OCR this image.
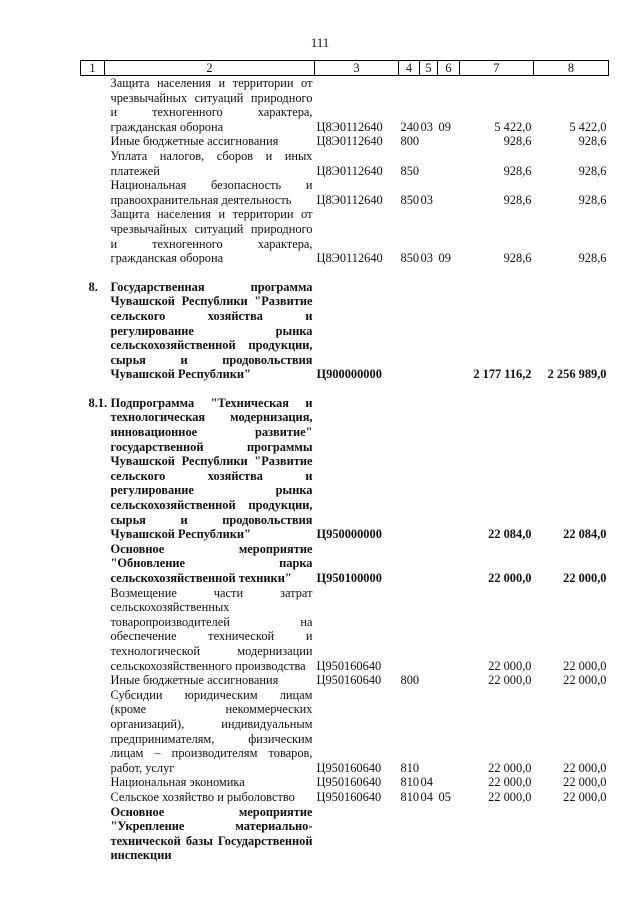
111
1	2	3	4	5	6	7	8
	Защита населения и территории от чрезвычайных ситуаций природного и техногенного характера, гражданская оборона	Ц8Э0112640	240	03	09	5 422,0	5 422,0
	Иные бюджетные ассигнования	Ц8Э0112640	800			928,6	928,6
	Уплата налогов, сборов и иных платежей	Ц8Э0112640	850			928,6	928,6
	Национальная безопасность и правоохранительная деятельность	Ц8Э0112640	850	03		928,6	928,6
	Защита населения и территории от чрезвычайных ситуаций природного и техногенного характера, гражданская оборона	Ц8Э0112640	850	03	09	928,6	928,6

8.	Государственная программа Чувашской Республики "Развитие сельского хозяйства и регулирование рынка сельскохозяйственной продукции, сырья и продовольствия Чувашской Республики"	Ц900000000				2 177 116,2	2 256 989,0

8.1.	Подпрограмма "Техническая и технологическая модернизация, инновационное развитие" государственной программы Чувашской Республики "Развитие сельского хозяйства и регулирование рынка сельскохозяйственной продукции, сырья и продовольствия Чувашской Республики"	Ц950000000				22 084,0	22 084,0
	Основное мероприятие "Обновление парка сельскохозяйственной техники"	Ц950100000				22 000,0	22 000,0
	Возмещение части затрат сельскохозяйственных товаропроизводителей на обеспечение технической и технологической модернизации сельскохозяйственного производства	Ц950160640				22 000,0	22 000,0
	Иные бюджетные ассигнования	Ц950160640	800			22 000,0	22 000,0
	Субсидии юридическим лицам (кроме некоммерческих организаций), индивидуальным предпринимателям, физическим лицам – производителям товаров, работ, услуг	Ц950160640	810			22 000,0	22 000,0
	Национальная экономика	Ц950160640	810	04		22 000,0	22 000,0
	Сельское хозяйство и рыболовство	Ц950160640	810	04	05	22 000,0	22 000,0
	Основное мероприятие "Укрепление материально-технической базы Государственной инспекции						
